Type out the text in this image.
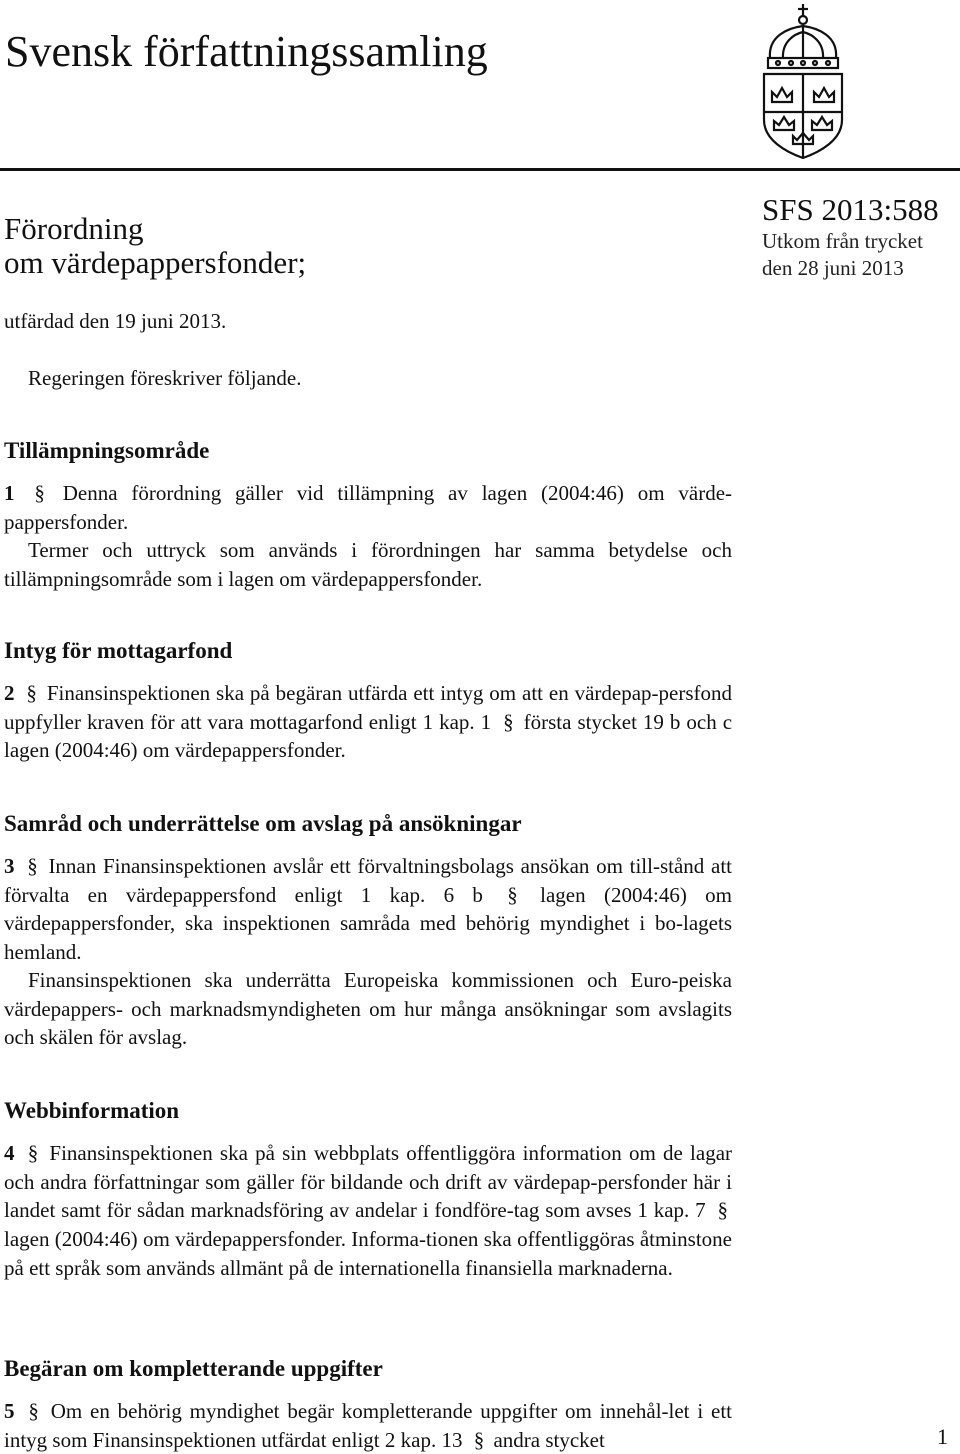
Svensk författningssamling
Förordning
om värdepappersfonder;
SFS 2013:588
Utkom från trycket
den 28 juni 2013
utfärdad den 19 juni 2013.
Regeringen föreskriver följande.
Tillämpningsområde

1 § Denna förordning gäller vid tillämpning av lagen (2004:46) om värde-pappersfonder.

Termer och uttryck som används i förordningen har samma betydelse och tillämpningsområde som i lagen om värdepappersfonder.

Intyg för mottagarfond

2 § Finansinspektionen ska på begäran utfärda ett intyg om att en värdepap-persfond uppfyller kraven för att vara mottagarfond enligt 1 kap. 1 § första stycket 19 b och c lagen (2004:46) om värdepappersfonder.

Samråd och underrättelse om avslag på ansökningar

3 § Innan Finansinspektionen avslår ett förvaltningsbolags ansökan om till-stånd att förvalta en värdepappersfond enligt 1 kap. 6 b § lagen (2004:46) om värdepappersfonder, ska inspektionen samråda med behörig myndighet i bo-lagets hemland.

Finansinspektionen ska underrätta Europeiska kommissionen och Euro-peiska värdepappers- och marknadsmyndigheten om hur många ansökningar som avslagits och skälen för avslag.

Webbinformation

4 § Finansinspektionen ska på sin webbplats offentliggöra information om de lagar och andra författningar som gäller för bildande och drift av värdepap-persfonder här i landet samt för sådan marknadsföring av andelar i fondföre-tag som avses 1 kap. 7 § lagen (2004:46) om värdepappersfonder. Informa-tionen ska offentliggöras åtminstone på ett språk som används allmänt på de internationella finansiella marknaderna.

Begäran om kompletterande uppgifter

5 § Om en behörig myndighet begär kompletterande uppgifter om innehål-let i ett intyg som Finansinspektionen utfärdat enligt 2 kap. 13 § andra stycket	1
